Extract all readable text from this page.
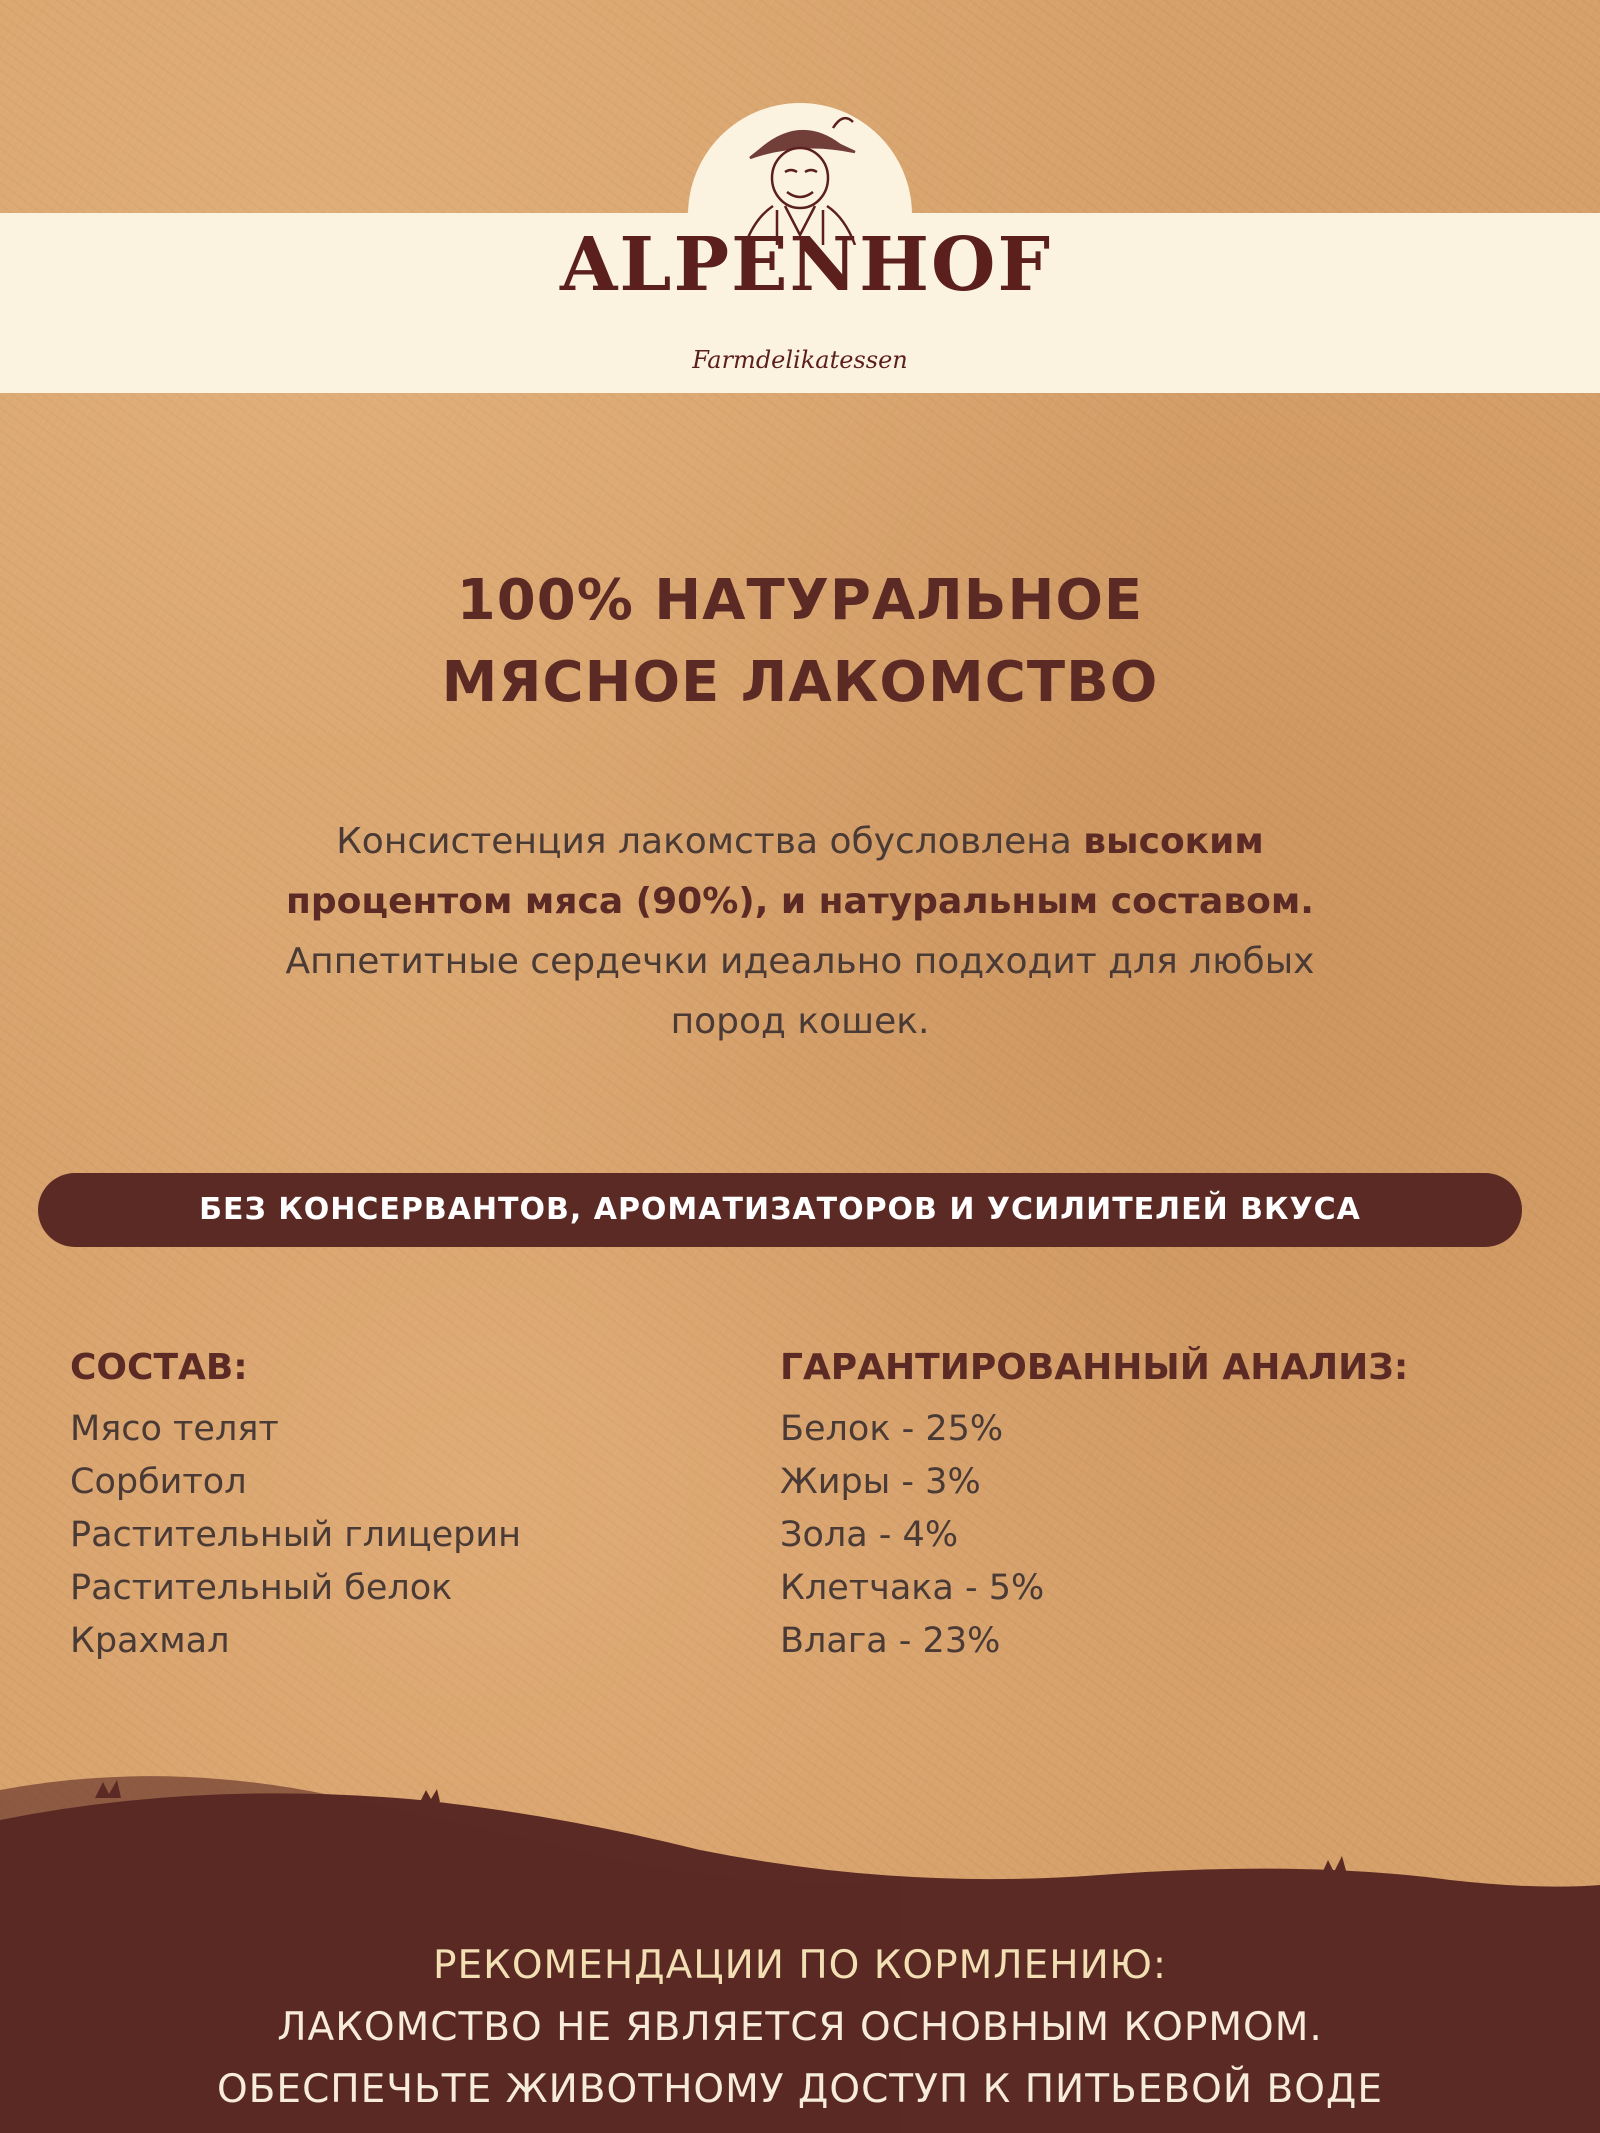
ALPENHOF
Farmdelikatessen
100% НАТУРАЛЬНОЕ
МЯСНОЕ ЛАКОМСТВО
Консистенция лакомства обусловлена высоким
процентом мяса (90%), и натуральным составом.
Аппетитные сердечки идеально подходит для любых
пород кошек.
БЕЗ КОНСЕРВАНТОВ, АРОМАТИЗАТОРОВ И УСИЛИТЕЛЕЙ ВКУСА
СОСТАВ:
Мясо телят
Сорбитол
Растительный глицерин
Растительный белок
Крахмал
ГАРАНТИРОВАННЫЙ АНАЛИЗ:
Белок - 25%
Жиры - 3%
Зола - 4%
Клетчака - 5%
Влага - 23%
РЕКОМЕНДАЦИИ ПО КОРМЛЕНИЮ:
ЛАКОМСТВО НЕ ЯВЛЯЕТСЯ ОСНОВНЫМ КОРМОМ.
ОБЕСПЕЧЬТЕ ЖИВОТНОМУ ДОСТУП К ПИТЬЕВОЙ ВОДЕ
